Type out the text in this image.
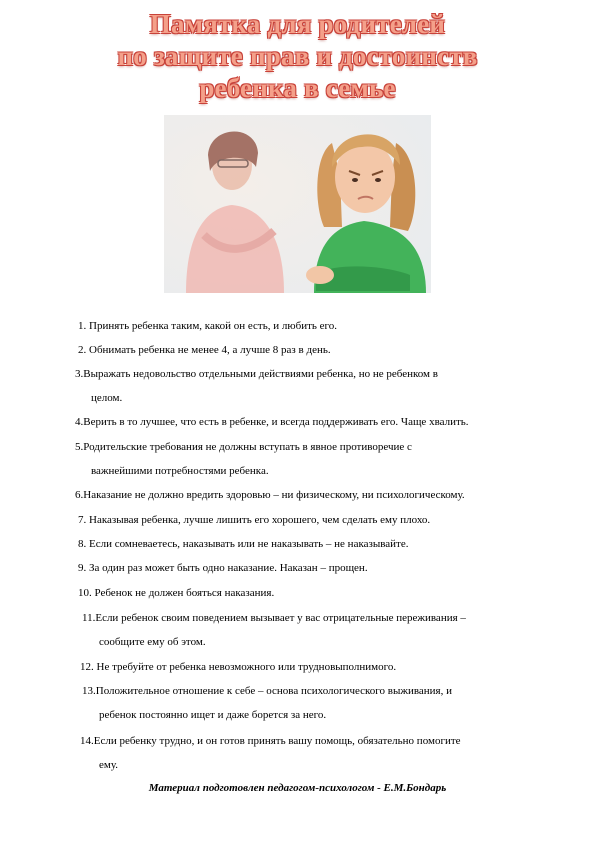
Памятка для родителей
по защите прав и достоинств
ребенка в семье
1. Принять ребенка таким, какой он есть, и любить его.
2. Обнимать ребенка не менее 4, а лучше 8 раз в день.
3.Выражать недовольство отдельными действиями ребенка, но не ребенком в
целом.
4.Верить в то лучшее, что есть в ребенке, и всегда поддерживать его. Чаще хвалить.
5.Родительские требования не должны вступать в явное противоречие с
важнейшими потребностями ребенка.
6.Наказание не должно вредить здоровью – ни физическому, ни психологическому.
7. Наказывая ребенка, лучше лишить его хорошего, чем сделать ему плохо.
8. Если сомневаетесь, наказывать или не наказывать – не наказывайте.
9. За один раз может быть одно наказание. Наказан – прощен.
10. Ребенок не должен бояться наказания.
11.Если ребенок своим поведением вызывает у вас отрицательные переживания –
сообщите ему об этом.
12. Не требуйте от ребенка невозможного или трудновыполнимого.
13.Положительное отношение к себе – основа психологического выживания, и
ребенок постоянно ищет и даже борется за него.
14.Если ребенку трудно, и он готов принять вашу помощь, обязательно помогите
ему.
Материал подготовлен педагогом-психологом - Е.М.Бондарь
